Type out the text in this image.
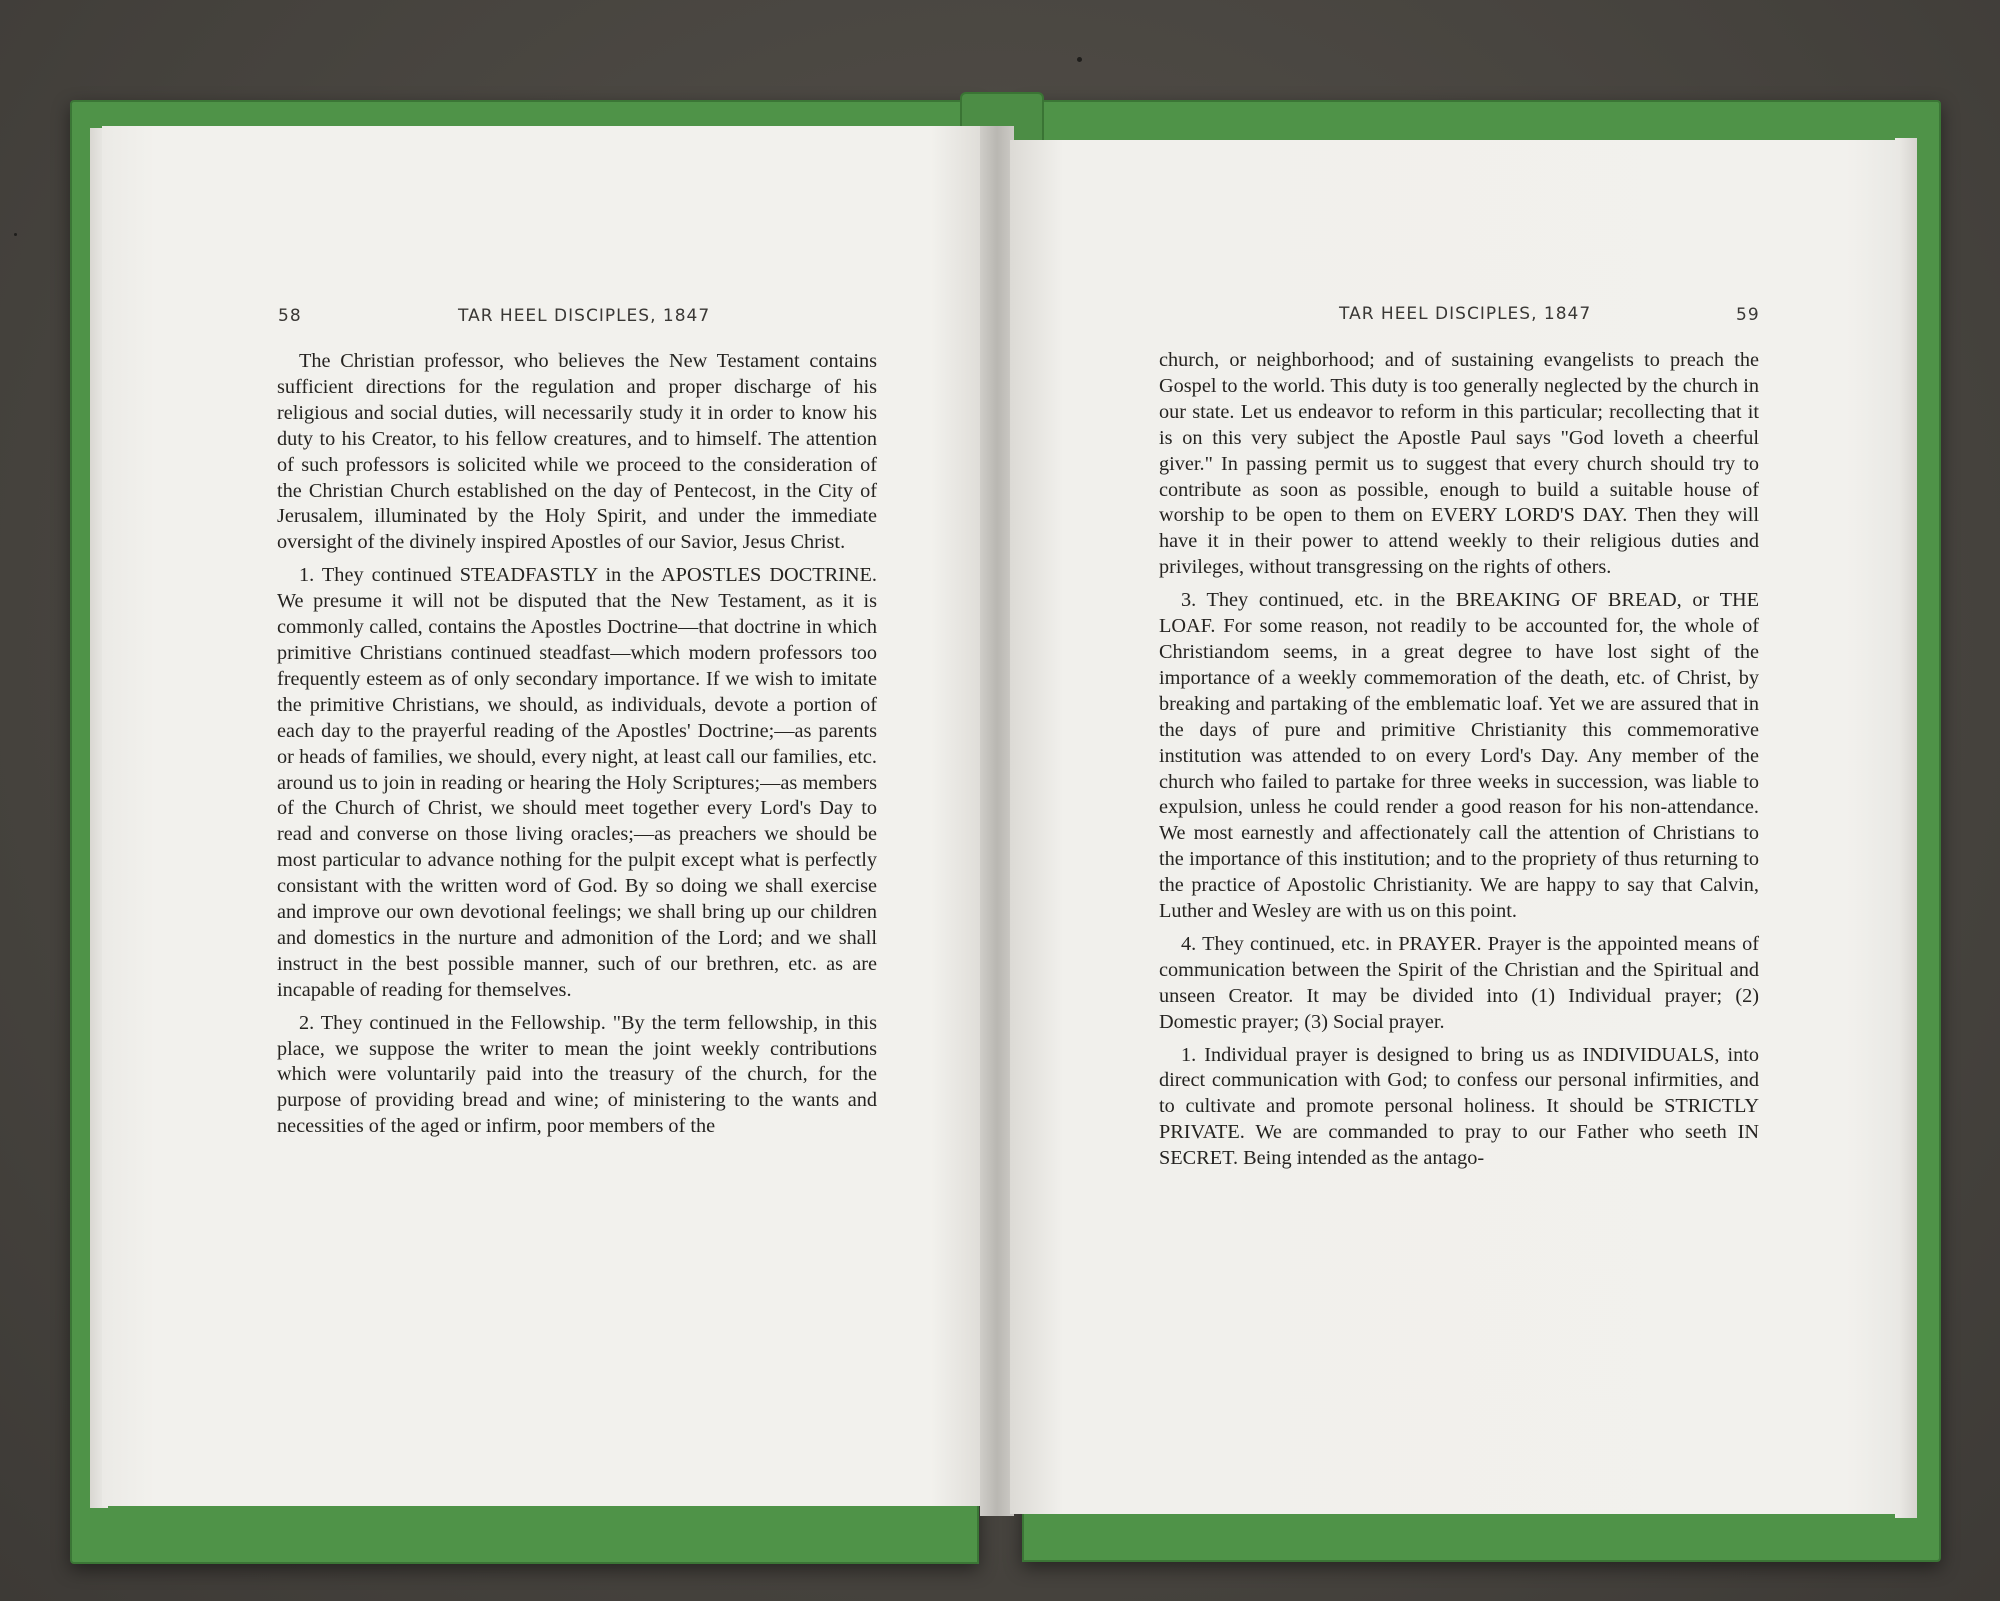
58	TAR HEEL DISCIPLES, 1847

The Christian professor, who believes the New Testament contains sufficient directions for the regulation and proper discharge of his religious and social duties, will necessarily study it in order to know his duty to his Creator, to his fellow creatures, and to himself. The attention of such professors is solicited while we proceed to the consideration of the Christian Church established on the day of Pentecost, in the City of Jerusalem, illuminated by the Holy Spirit, and under the immediate oversight of the divinely inspired Apostles of our Savior, Jesus Christ.

1. They continued STEADFASTLY in the APOSTLES DOCTRINE. We presume it will not be disputed that the New Testament, as it is commonly called, contains the Apostles Doctrine—that doctrine in which primitive Christians continued steadfast—which modern professors too frequently esteem as of only secondary importance. If we wish to imitate the primitive Christians, we should, as individuals, devote a portion of each day to the prayerful reading of the Apostles' Doctrine;—as parents or heads of families, we should, every night, at least call our families, etc. around us to join in reading or hearing the Holy Scriptures;—as members of the Church of Christ, we should meet together every Lord's Day to read and converse on those living oracles;—as preachers we should be most particular to advance nothing for the pulpit except what is perfectly consistant with the written word of God. By so doing we shall exercise and improve our own devotional feelings; we shall bring up our children and domestics in the nurture and admonition of the Lord; and we shall instruct in the best possible manner, such of our brethren, etc. as are incapable of reading for themselves.

2. They continued in the Fellowship. "By the term fellowship, in this place, we suppose the writer to mean the joint weekly contributions which were voluntarily paid into the treasury of the church, for the purpose of providing bread and wine; of ministering to the wants and necessities of the aged or infirm, poor members of the

TAR HEEL DISCIPLES, 1847	59

church, or neighborhood; and of sustaining evangelists to preach the Gospel to the world. This duty is too generally neglected by the church in our state. Let us endeavor to reform in this particular; recollecting that it is on this very subject the Apostle Paul says "God loveth a cheerful giver." In passing permit us to suggest that every church should try to contribute as soon as possible, enough to build a suitable house of worship to be open to them on EVERY LORD'S DAY. Then they will have it in their power to attend weekly to their religious duties and privileges, without transgressing on the rights of others.

3. They continued, etc. in the BREAKING OF BREAD, or THE LOAF. For some reason, not readily to be accounted for, the whole of Christiandom seems, in a great degree to have lost sight of the importance of a weekly commemoration of the death, etc. of Christ, by breaking and partaking of the emblematic loaf. Yet we are assured that in the days of pure and primitive Christianity this commemorative institution was attended to on every Lord's Day. Any member of the church who failed to partake for three weeks in succession, was liable to expulsion, unless he could render a good reason for his non-attendance. We most earnestly and affectionately call the attention of Christians to the importance of this institution; and to the propriety of thus returning to the practice of Apostolic Christianity. We are happy to say that Calvin, Luther and Wesley are with us on this point.

4. They continued, etc. in PRAYER. Prayer is the appointed means of communication between the Spirit of the Christian and the Spiritual and unseen Creator. It may be divided into (1) Individual prayer; (2) Domestic prayer; (3) Social prayer.

1. Individual prayer is designed to bring us as INDIVIDUALS, into direct communication with God; to confess our personal infirmities, and to cultivate and promote personal holiness. It should be STRICTLY PRIVATE. We are commanded to pray to our Father who seeth IN SECRET. Being intended as the antago-
